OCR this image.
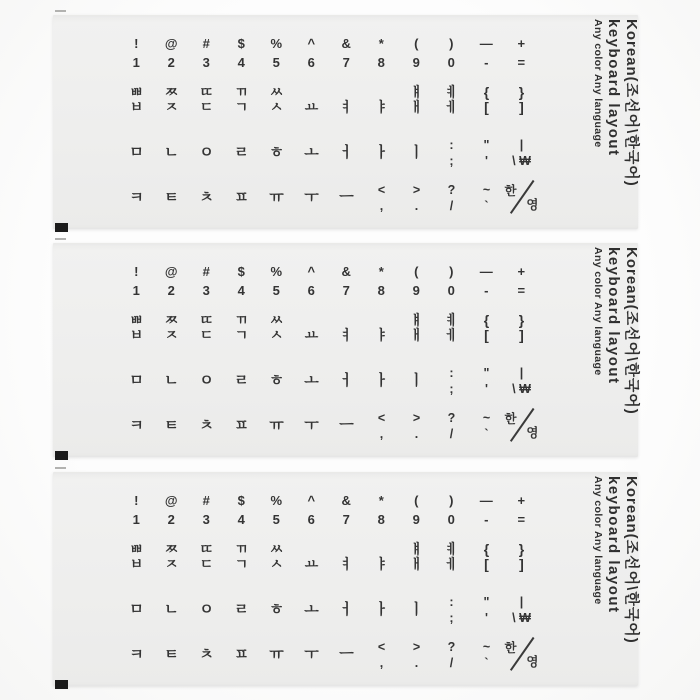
!
1
@
2
#
3
$
4
%
5
^
6
&
7
*
8
(
9
)
0
—
-
+
=
ㅃ
ㅂ
ㅉ
ㅈ
ㄸ
ㄷ
ㄲ
ㄱ
ㅆ
ㅅ ㅛ ㅕ ㅑ
ㅒ
ㅐ
ㅖ
ㅔ
{
[
}
]
ㅁ ㄴ ㅇ ㄹ ㅎ ㅗ ㅓ ㅏ ㅣ :
;
"
'
|
\ ₩
ㅋ ㅌ ㅊ ㅍ ㅠ ㅜ ㅡ <
,
>
.
?
/
~
`
한
영
Korean(조선어\한국어)
keyboard layout
Any color Any language
!
1
@
2
#
3
$
4
%
5
^
6
&
7
*
8
(
9
)
0
—
-
+
=
ㅃ
ㅂ
ㅉ
ㅈ
ㄸ
ㄷ
ㄲ
ㄱ
ㅆ
ㅅ ㅛ ㅕ ㅑ
ㅒ
ㅐ
ㅖ
ㅔ
{
[
}
]
ㅁ ㄴ ㅇ ㄹ ㅎ ㅗ ㅓ ㅏ ㅣ :
;
"
'
|
\ ₩
ㅋ ㅌ ㅊ ㅍ ㅠ ㅜ ㅡ <
,
>
.
?
/
~
`
한
영
Korean(조선어\한국어)
keyboard layout
Any color Any language
!
1
@
2
#
3
$
4
%
5
^
6
&
7
*
8
(
9
)
0
—
-
+
=
ㅃ
ㅂ
ㅉ
ㅈ
ㄸ
ㄷ
ㄲ
ㄱ
ㅆ
ㅅ ㅛ ㅕ ㅑ
ㅒ
ㅐ
ㅖ
ㅔ
{
[
}
]
ㅁ ㄴ ㅇ ㄹ ㅎ ㅗ ㅓ ㅏ ㅣ :
;
"
'
|
\ ₩
ㅋ ㅌ ㅊ ㅍ ㅠ ㅜ ㅡ <
,
>
.
?
/
~
`
한
영
Korean(조선어\한국어)
keyboard layout
Any color Any language
